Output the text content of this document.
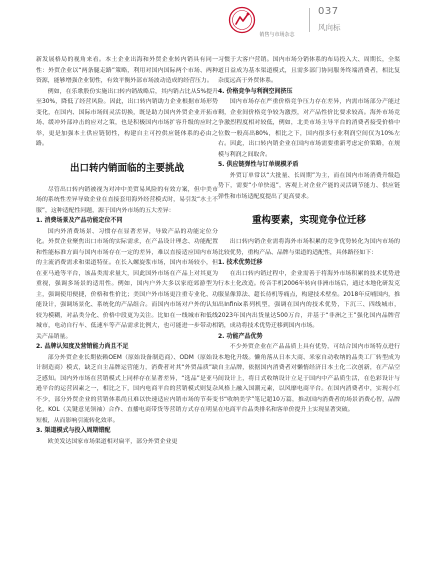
销售与市场杂志
037
风向标

新发展格局的视角来看。本土企业出海和外贸企业转内销具有同一性：外贸企业以“两条腿走路”策略，利用对国内国际两个市场、两种资源，能够增强企业韧性，有效平衡外部市场波动造成的经营压力。

例如，在乐歌股份实施出口转内销战略后，其内销占比从5%提升至30%，降低了经营风险。因此，出口转内销助力企业根据市场形势变化，在国内、国际市场间灵活切换，既是助力国内外贸企业开拓市场、缓冲外部冲击的应对之策，也是积极国内市场扩容升级的应时之举，更是加强本土供应链韧性，构建自主可控供应链体系的必由之路。

出口转内销面临的主要挑战

尽管出口转内销被视为对冲中美贸易风险的有效方案，但中美市场的系统性差异导致企业在直接套用海外经营模式时，易引发“水土不服”，这种适配性问题，源于国内外市场的五大差异：

1. 消费场景及产品功能定位不同

国内外消费场景、习惯存在显著差异，导致产品的功能定位分化。外贸企业聚焦出口市场的实际需求，在产品设计理念、功能配置和性能标准方面与国内市场存在一定的差异，难以直接适应国内市场的主流消费需求和渠道特征。在长入螺旋浆市场，国内市场较小，但在亚马逊等平台，该品类需求量大，因此国外市场在产品上对其更为重视，强调多场景的适用性。例如，国内户外大多以家庭郊游型为主，强调使用便捷，价格和性价比；美国户外市场更注重专业化、功能设计，强调场景化、系统化的产品组合。而国内市场对户外的认知较为模糊，对品类分化、价格中段更为关注。比如在一线城市和低线城市，电动自行车、低速车等产品需求比例大，也可能进一步带动相关产品销量。

2. 品牌认知度及营销能力尚且不足

部分外贸企业长期依赖OEM（原始设备制造商）、ODM（原始设计制造商）模式，缺乏自主品牌运营能力，消费者对其“外贸品质”缺乏感知。国内外市场在营销模式上同样存在显著差异，“选品”是亚马逊平台的运营因素之一，相比之下，国内电商平台的营销模式则复杂不少，部分外贸企业的营销体系尚且难以快速适应内销市场的节奏变化，KOL（关键意见领袖）合作、直播电商带货等营销方式存在明显短板，从而影响引流转化效率。

3. 渠道模式与投入周期错配

欧美发达国家市场渠道相对扁平，部分外贸企业更

习惯于大客户营销。国内市场分销体系的布局投入大、周期长，全渠道日益成为基本渠道模式，且需多部门协同服务终端消费者，相比复杂度远高于外贸体系。

4. 价格竞争与利润空间挤压

国内市场存在严重价格竞争压力存在差异，内需市场部分产能过剩，企业间价格竞争较为激烈，对产品性价比要求较高。海外市场竞争激烈程度相对较低，例如，北美市场主导平台的消费者接受价格中位数一般高出80%，相比之下，国内很多行业利润空间仅为10%左右。因此，出口转内销企业在国内市场需要重新考虑定价策略，在规模与利润之间取舍。

5. 供应链弹性与订单规模矛盾

外贸订单常以“大批量、长周期”为主，而在国内市场消费升级趋势下，需要“小单快返”，客观上对企业产能的灵活调节能力、供应链弹性和市场适配度提出了更高要求。

重构要素，实现竞争位迁移

出口转内销企业需将海外市场积累的竞争优势转化为国内市场的比较优势，重构产品、品牌与渠道的适配性，具体路径如下：

1. 技术优势迁移

在出口转内销过程中，企业需善于将海外市场积累的技术优势进行本土化改造。传音手机2006年转向非洲市场后，通过本地化研发克服显像算法、超长待机等痛点，构建技术壁垒。2018年反哺国内，推出Infinix系列机型，强调在国内的技术优势，下沉三、四线城市，2023年国内出货量达500万台，并基于“非洲之王”强化国内品牌营销，成功将技术优势迁移到国内市场。

2. 功能产品优势

不少外贸企业在产品品质上具有优势，可结合国内市场特点进行本地化升级。懒角落从日本大商、米家自动收纳的品类工厂转型成为自主品牌，依据国内消费者对懒惰经济日本土化二次创新，在产品空间设计上，将日式收纳设计立足于国内中产品质生活，在色彩设计与风格上融入国潮元素，以风靡电商平台。在国内消费者中，实现小红书“收纳美学”笔记超10万篇，推动国内消费者的场景消费心智，品牌在电商平台品类排名和客单价提升上实现显著突破。
